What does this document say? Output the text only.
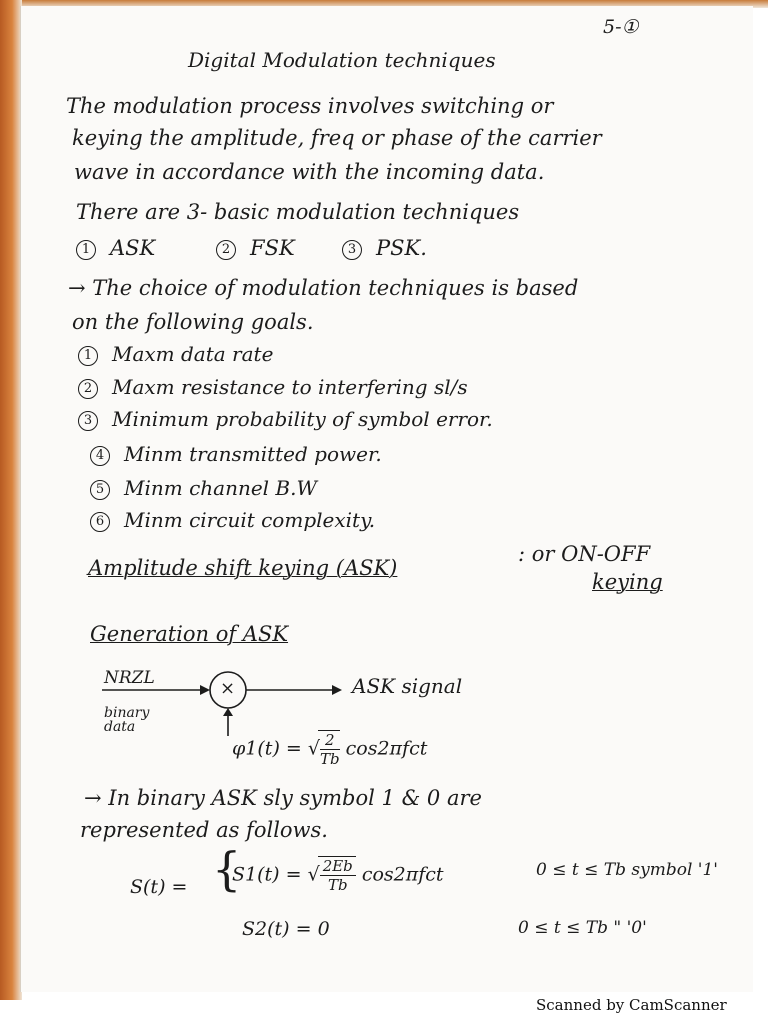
5-①
Digital Modulation techniques
The modulation process involves switching or
keying the amplitude, freq or phase of the carrier
wave in accordance with the incoming data.
There are 3- basic modulation techniques
1 ASK	2 FSK	3 PSK.
→ The choice of modulation techniques is based
on the following goals.
1 Maxm data rate
2 Maxm resistance to interfering sl/s
3 Minimum probability of symbol error.
4 Minm transmitted power.
5 Minm channel B.W
6 Minm circuit complexity.
Amplitude shift keying (ASK)
: or ON-OFF
keying
Generation of ASK
NRZL
binary data
×	ASK signal
φ1(t) = √ $\frac{2}{Tb} \cos 2\pi fct$
→ In binary ASK sly symbol 1 & 0 are
represented as follows.
S(t) = {
S1(t) = √ $\frac{2Eb}{Tb} \cos 2\pi fct$	0 ≤ t ≤ Tb symbol '1'
S2(t) = 0	0 ≤ t ≤ Tb " '0'
Scanned by CamScanner
